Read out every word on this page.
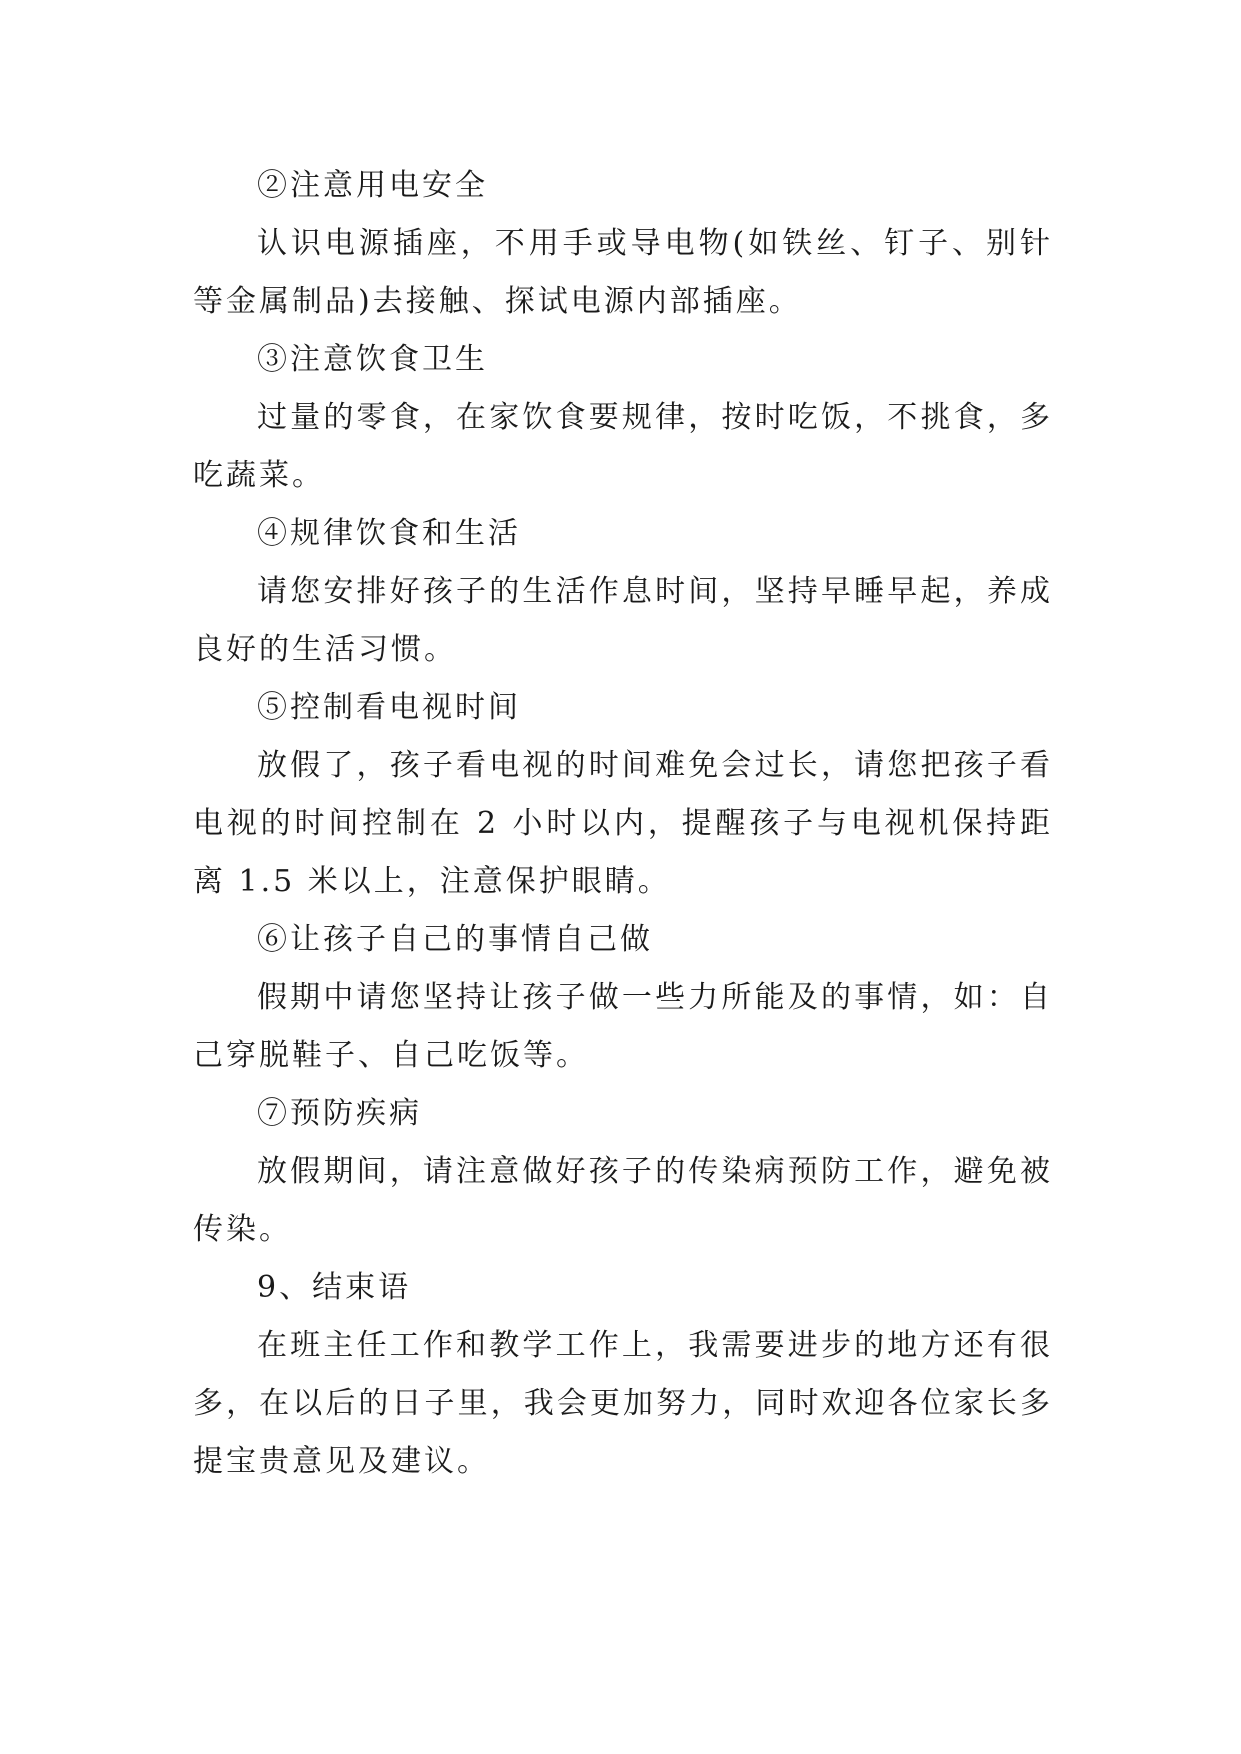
②注意用电安全

认识电源插座，不用手或导电物(如铁丝、钉子、别针等金属制品)去接触、探试电源内部插座。

③注意饮食卫生

过量的零食，在家饮食要规律，按时吃饭，不挑食，多吃蔬菜。

④规律饮食和生活

请您安排好孩子的生活作息时间，坚持早睡早起，养成良好的生活习惯。

⑤控制看电视时间

放假了，孩子看电视的时间难免会过长，请您把孩子看电视的时间控制在 2 小时以内，提醒孩子与电视机保持距离 1.5 米以上，注意保护眼睛。

⑥让孩子自己的事情自己做

假期中请您坚持让孩子做一些力所能及的事情，如：自己穿脱鞋子、自己吃饭等。

⑦预防疾病

放假期间，请注意做好孩子的传染病预防工作，避免被传染。

9、结束语

在班主任工作和教学工作上，我需要进步的地方还有很多，在以后的日子里，我会更加努力，同时欢迎各位家长多提宝贵意见及建议。
